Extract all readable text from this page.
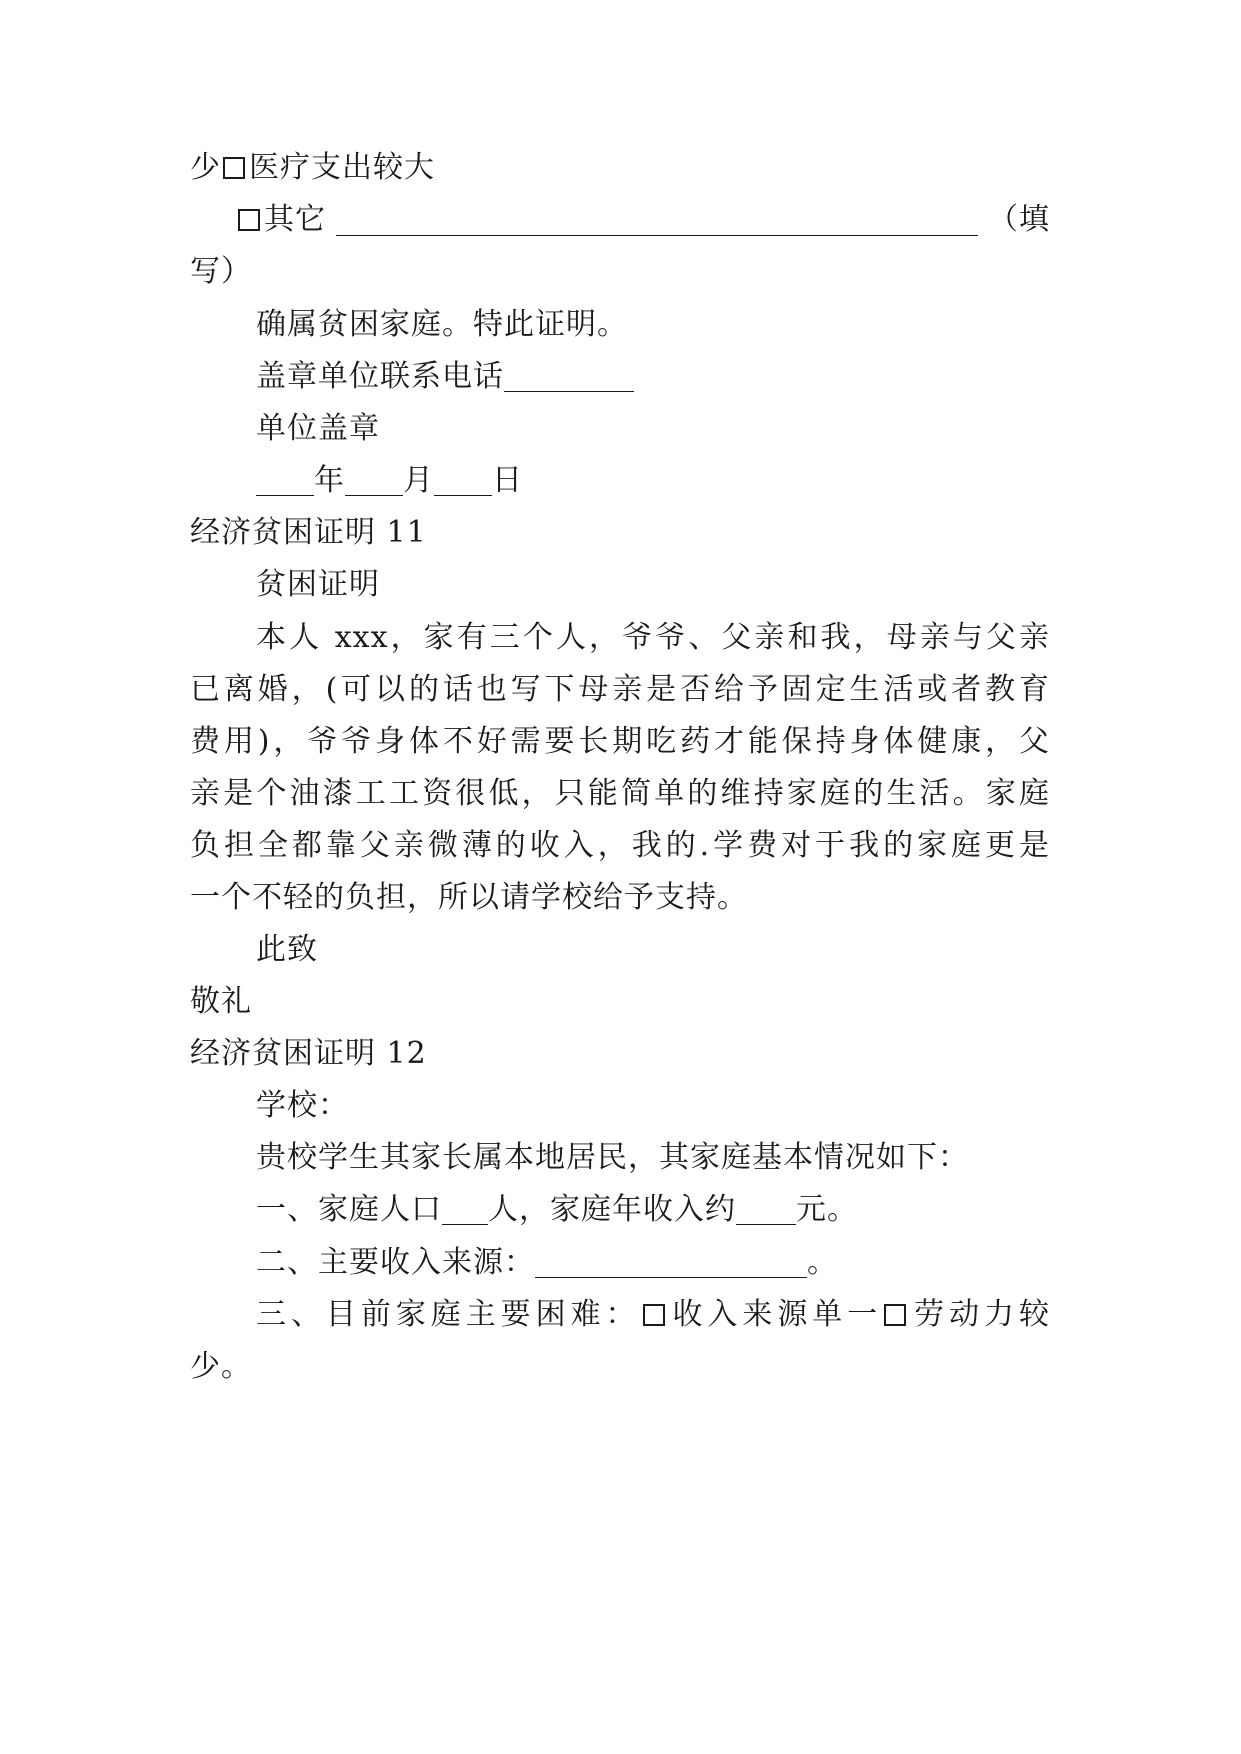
少 医疗支出较大
其它	（填
写）
确属贫困家庭。特此证明。
盖章单位联系电话
单位盖章
年 月 日
经济贫困证明 11
贫困证明
本人 xxx，家有三个人，爷爷、父亲和我，母亲与父亲
已离婚，(可以的话也写下母亲是否给予固定生活或者教育
费用)，爷爷身体不好需要长期吃药才能保持身体健康，父
亲是个油漆工工资很低，只能简单的维持家庭的生活。家庭
负担全都靠父亲微薄的收入，我的.学费对于我的家庭更是
一个不轻的负担，所以请学校给予支持。
此致
敬礼
经济贫困证明 12
学校：
贵校学生其家长属本地居民，其家庭基本情况如下：
一、家庭人口 人，家庭年收入约 元。
二、主要收入来源：	。
三、目前家庭主要困难： 收入来源单一 劳动力较
少。
